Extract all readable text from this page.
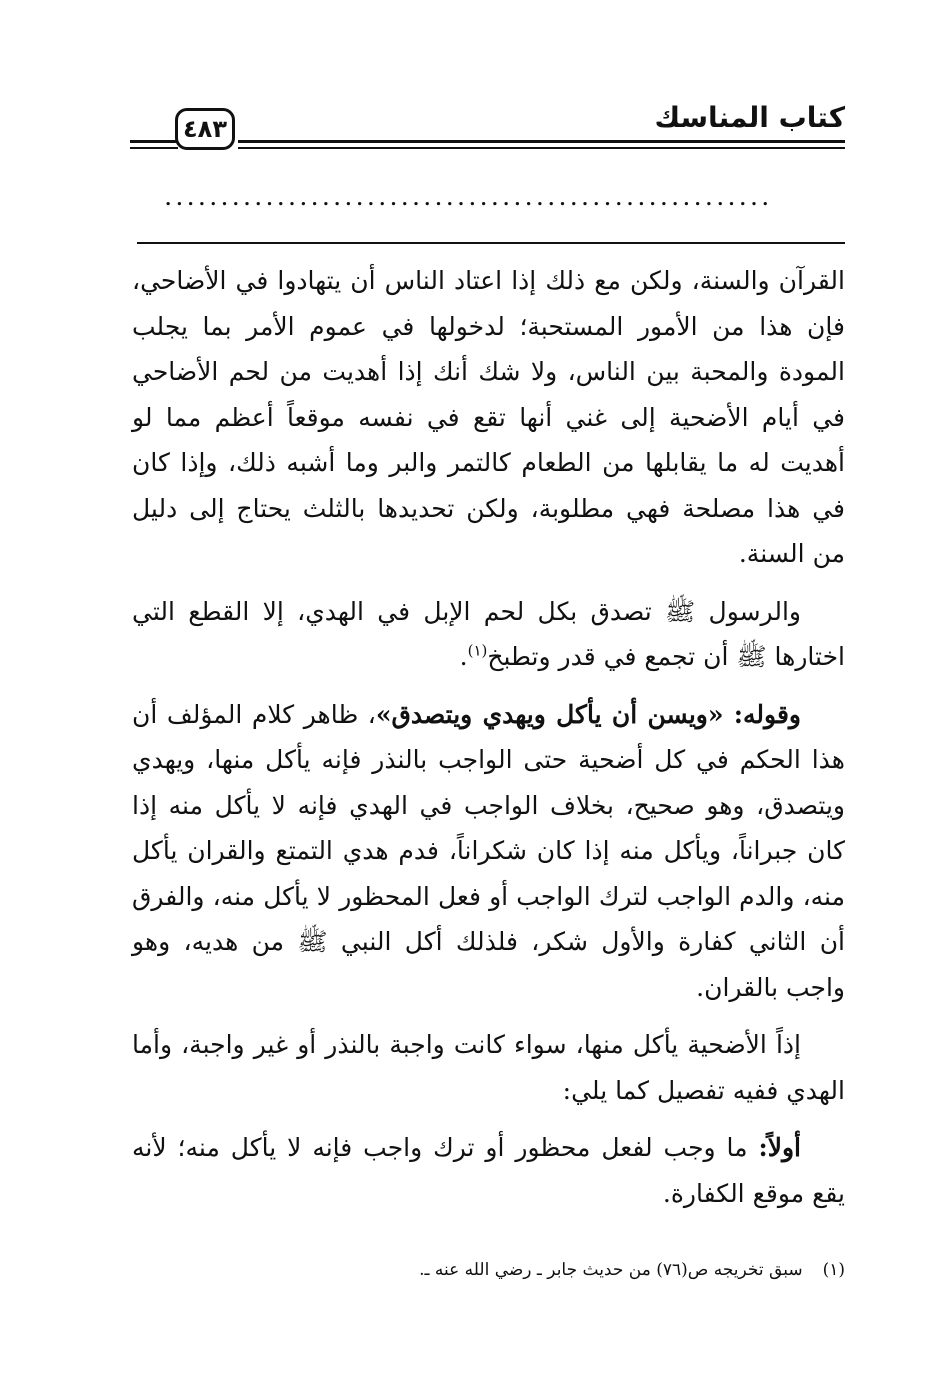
كتاب المناسك
٤٨٣
......................................................

القرآن والسنة، ولكن مع ذلك إذا اعتاد الناس أن يتهادوا في الأضاحي، فإن هذا من الأمور المستحبة؛ لدخولها في عموم الأمر بما يجلب المودة والمحبة بين الناس، ولا شك أنك إذا أهديت من لحم الأضاحي في أيام الأضحية إلى غني أنها تقع في نفسه موقعاً أعظم مما لو أهديت له ما يقابلها من الطعام كالتمر والبر وما أشبه ذلك، وإذا كان في هذا مصلحة فهي مطلوبة، ولكن تحديدها بالثلث يحتاج إلى دليل من السنة.

والرسول ﷺ تصدق بكل لحم الإبل في الهدي، إلا القطع التي اختارها ﷺ أن تجمع في قدر وتطبخ$^{(١)}$.

وقوله: «ويسن أن يأكل ويهدي ويتصدق»، ظاهر كلام المؤلف أن هذا الحكم في كل أضحية حتى الواجب بالنذر فإنه يأكل منها، ويهدي ويتصدق، وهو صحيح، بخلاف الواجب في الهدي فإنه لا يأكل منه إذا كان جبراناً، ويأكل منه إذا كان شكراناً، فدم هدي التمتع والقران يأكل منه، والدم الواجب لترك الواجب أو فعل المحظور لا يأكل منه، والفرق أن الثاني كفارة والأول شكر، فلذلك أكل النبي ﷺ من هديه، وهو واجب بالقران.

إذاً الأضحية يأكل منها، سواء كانت واجبة بالنذر أو غير واجبة، وأما الهدي ففيه تفصيل كما يلي:

أولاً: ما وجب لفعل محظور أو ترك واجب فإنه لا يأكل منه؛ لأنه يقع موقع الكفارة.

(١)سبق تخريجه ص(٧٦) من حديث جابر ـ رضي الله عنه ـ.
